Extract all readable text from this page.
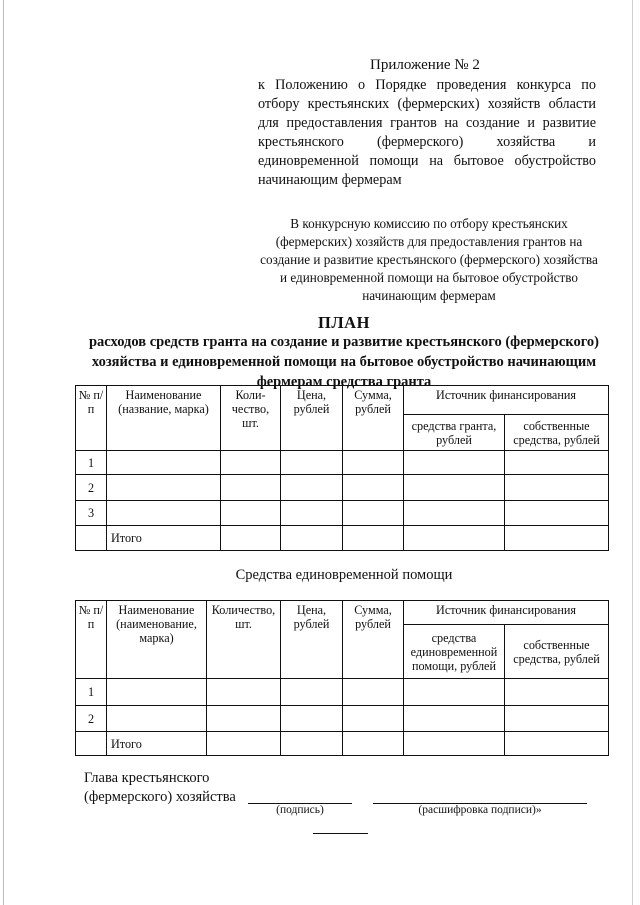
Приложение № 2
к Положению о Порядке проведения конкурса по отбору крестьянских (фермерских) хозяйств области для предоставления грантов на создание и развитие крестьянского (фермерского) хозяйства и единовременной помощи на бытовое обустройство начинающим фермерам
В конкурсную комиссию по отбору крестьянских (фермерских) хозяйств для предоставления грантов на создание и развитие крестьянского (фермерского) хозяйства и единовременной помощи на бытовое обустройство начинающим фермерам
ПЛАН
расходов средств гранта на создание и развитие крестьянского (фермерского) хозяйства и единовременной помощи на бытовое обустройство начинающим фермерам средства гранта
№ п/п	Наименование (название, марка)	Коли-чество, шт.	Цена, рублей	Сумма, рублей	Источник финансирования	
					средства гранта, рублей	собственные средства, рублей
1						
2						
3						
	Итого					
Средства единовременной помощи
№ п/п	Наименование (наименование, марка)	Количество, шт.	Цена, рублей	Сумма, рублей	Источник финансирования	
					средства единовременной помощи, рублей	собственные средства, рублей
1						
2						
	Итого					
Глава крестьянского
(фермерского) хозяйства
(подпись)	(расшифровка подписи)»
